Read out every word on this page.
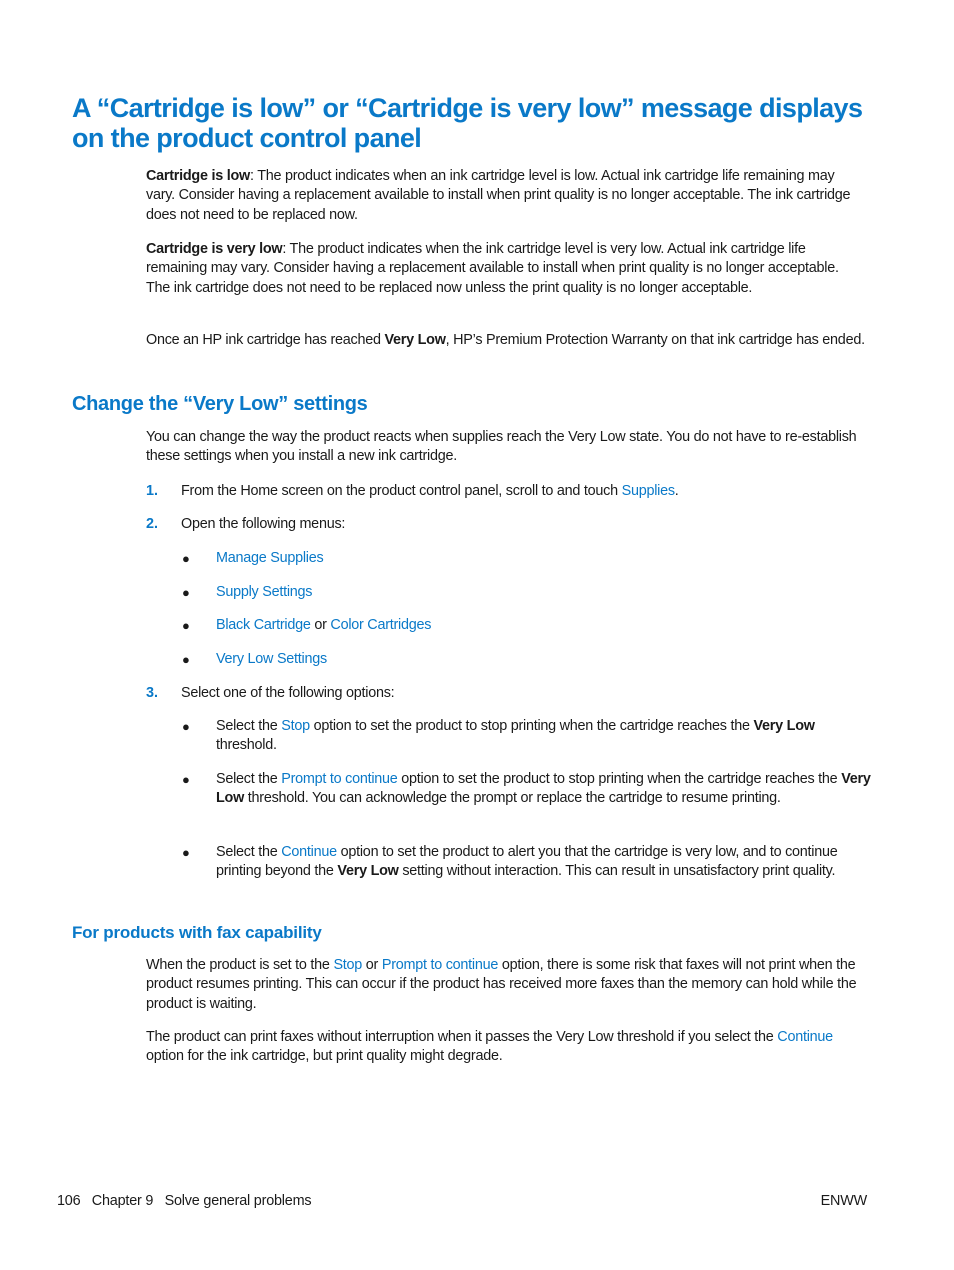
A “Cartridge is low” or “Cartridge is very low” message displays on the product control panel

Cartridge is low: The product indicates when an ink cartridge level is low. Actual ink cartridge life remaining may vary. Consider having a replacement available to install when print quality is no longer acceptable. The ink cartridge does not need to be replaced now.

Cartridge is very low: The product indicates when the ink cartridge level is very low. Actual ink cartridge life remaining may vary. Consider having a replacement available to install when print quality is no longer acceptable. The ink cartridge does not need to be replaced now unless the print quality is no longer acceptable.

Once an HP ink cartridge has reached Very Low, HP’s Premium Protection Warranty on that ink cartridge has ended.

Change the “Very Low” settings

You can change the way the product reacts when supplies reach the Very Low state. You do not have to re-establish these settings when you install a new ink cartridge.

1. From the Home screen on the product control panel, scroll to and touch Supplies.
2. Open the following menus:
● Manage Supplies
● Supply Settings
● Black Cartridge or Color Cartridges
● Very Low Settings
3. Select one of the following options:
● Select the Stop option to set the product to stop printing when the cartridge reaches the Very Low threshold.
● Select the Prompt to continue option to set the product to stop printing when the cartridge reaches the Very Low threshold. You can acknowledge the prompt or replace the cartridge to resume printing.
● Select the Continue option to set the product to alert you that the cartridge is very low, and to continue printing beyond the Very Low setting without interaction. This can result in unsatisfactory print quality.
For products with fax capability

When the product is set to the Stop or Prompt to continue option, there is some risk that faxes will not print when the product resumes printing. This can occur if the product has received more faxes than the memory can hold while the product is waiting.

The product can print faxes without interruption when it passes the Very Low threshold if you select the Continue option for the ink cartridge, but print quality might degrade.

106   Chapter 9   Solve general problems	ENWW
